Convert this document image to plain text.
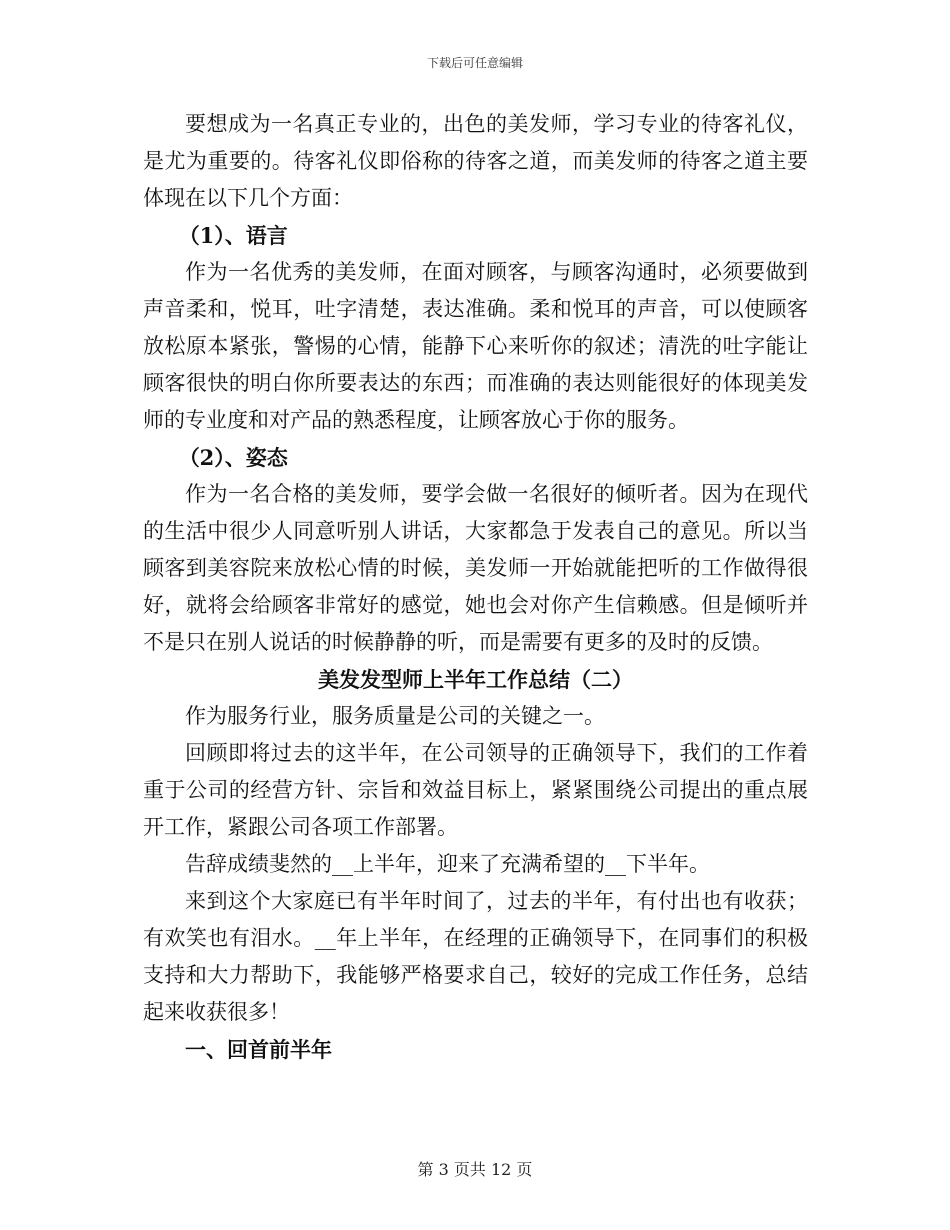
下载后可任意编辑

要想成为一名真正专业的，出色的美发师，学习专业的待客礼仪，是尤为重要的。待客礼仪即俗称的待客之道，而美发师的待客之道主要体现在以下几个方面：

（1）、语言

作为一名优秀的美发师，在面对顾客，与顾客沟通时，必须要做到声音柔和，悦耳，吐字清楚，表达准确。柔和悦耳的声音，可以使顾客放松原本紧张，警惕的心情，能静下心来听你的叙述；清洗的吐字能让顾客很快的明白你所要表达的东西；而准确的表达则能很好的体现美发师的专业度和对产品的熟悉程度，让顾客放心于你的服务。

（2）、姿态

作为一名合格的美发师，要学会做一名很好的倾听者。因为在现代的生活中很少人同意听别人讲话，大家都急于发表自己的意见。所以当顾客到美容院来放松心情的时候，美发师一开始就能把听的工作做得很好，就将会给顾客非常好的感觉，她也会对你产生信赖感。但是倾听并不是只在别人说话的时候静静的听，而是需要有更多的及时的反馈。

美发发型师上半年工作总结（二）

作为服务行业，服务质量是公司的关键之一。

回顾即将过去的这半年，在公司领导的正确领导下，我们的工作着重于公司的经营方针、宗旨和效益目标上，紧紧围绕公司提出的重点展开工作，紧跟公司各项工作部署。

告辞成绩斐然的__上半年，迎来了充满希望的__下半年。

来到这个大家庭已有半年时间了，过去的半年，有付出也有收获；有欢笑也有泪水。__年上半年，在经理的正确领导下，在同事们的积极支持和大力帮助下，我能够严格要求自己，较好的完成工作任务，总结起来收获很多！

一、回首前半年

第 3 页共 12 页
